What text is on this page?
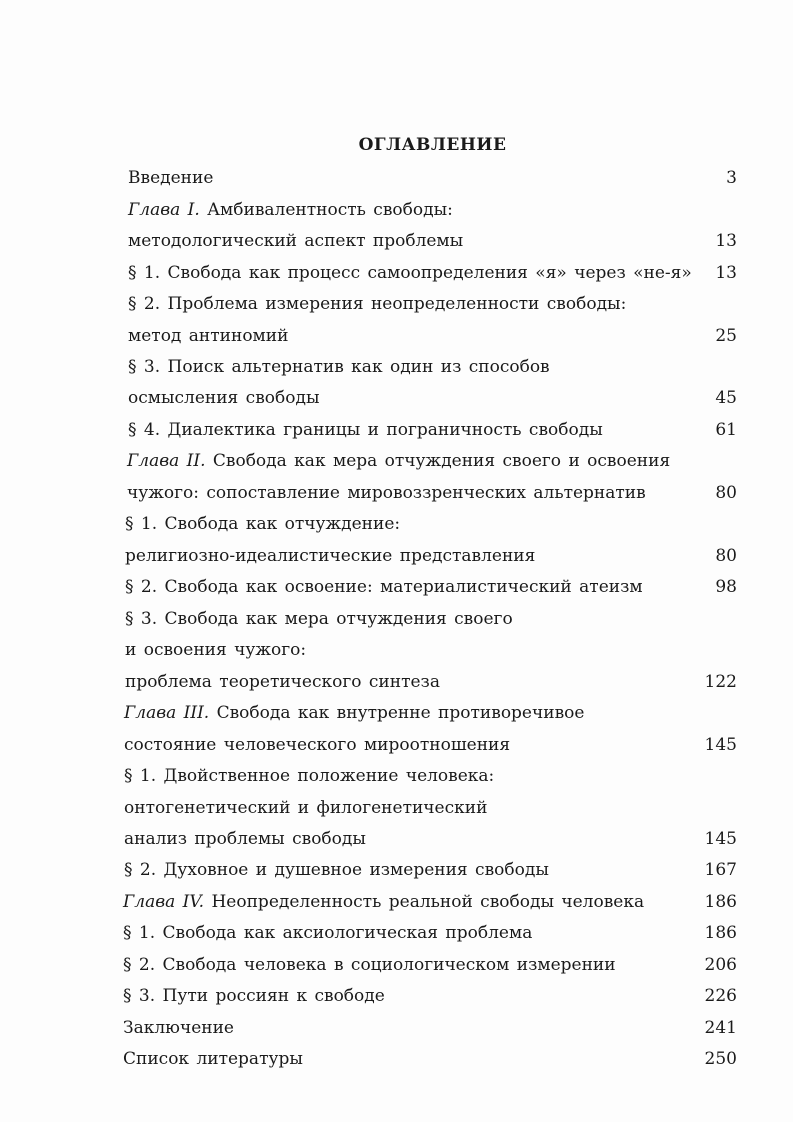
ОГЛАВЛЕНИЕ
Введение	3
Глава I. Амбивалентность свободы:
методологический аспект проблемы	13
§ 1. Свобода как процесс самоопределения «я» через «не-я» 13
§ 2. Проблема измерения неопределенности свободы:
метод антиномий	25
§ 3. Поиск альтернатив как один из способов
осмысления свободы	45
§ 4. Диалектика границы и пограничность свободы	61
Глава II. Свобода как мера отчуждения своего и освоения
чужого: сопоставление мировоззренческих альтернатив	80
§ 1. Свобода как отчуждение:
религиозно-идеалистические представления	80
§ 2. Свобода как освоение: материалистический атеизм	98
§ 3. Свобода как мера отчуждения своего
и освоения чужого:
проблема теоретического синтеза	122
Глава III. Свобода как внутренне противоречивое
состояние человеческого мироотношения	145
§ 1. Двойственное положение человека:
онтогенетический и филогенетический
анализ проблемы свободы	145
§ 2. Духовное и душевное измерения свободы	167
Глава IV. Неопределенность реальной свободы человека	186
§ 1. Свобода как аксиологическая проблема	186
§ 2. Свобода человека в социологическом измерении	206
§ 3. Пути россиян к свободе	226
Заключение	241
Список литературы	250
